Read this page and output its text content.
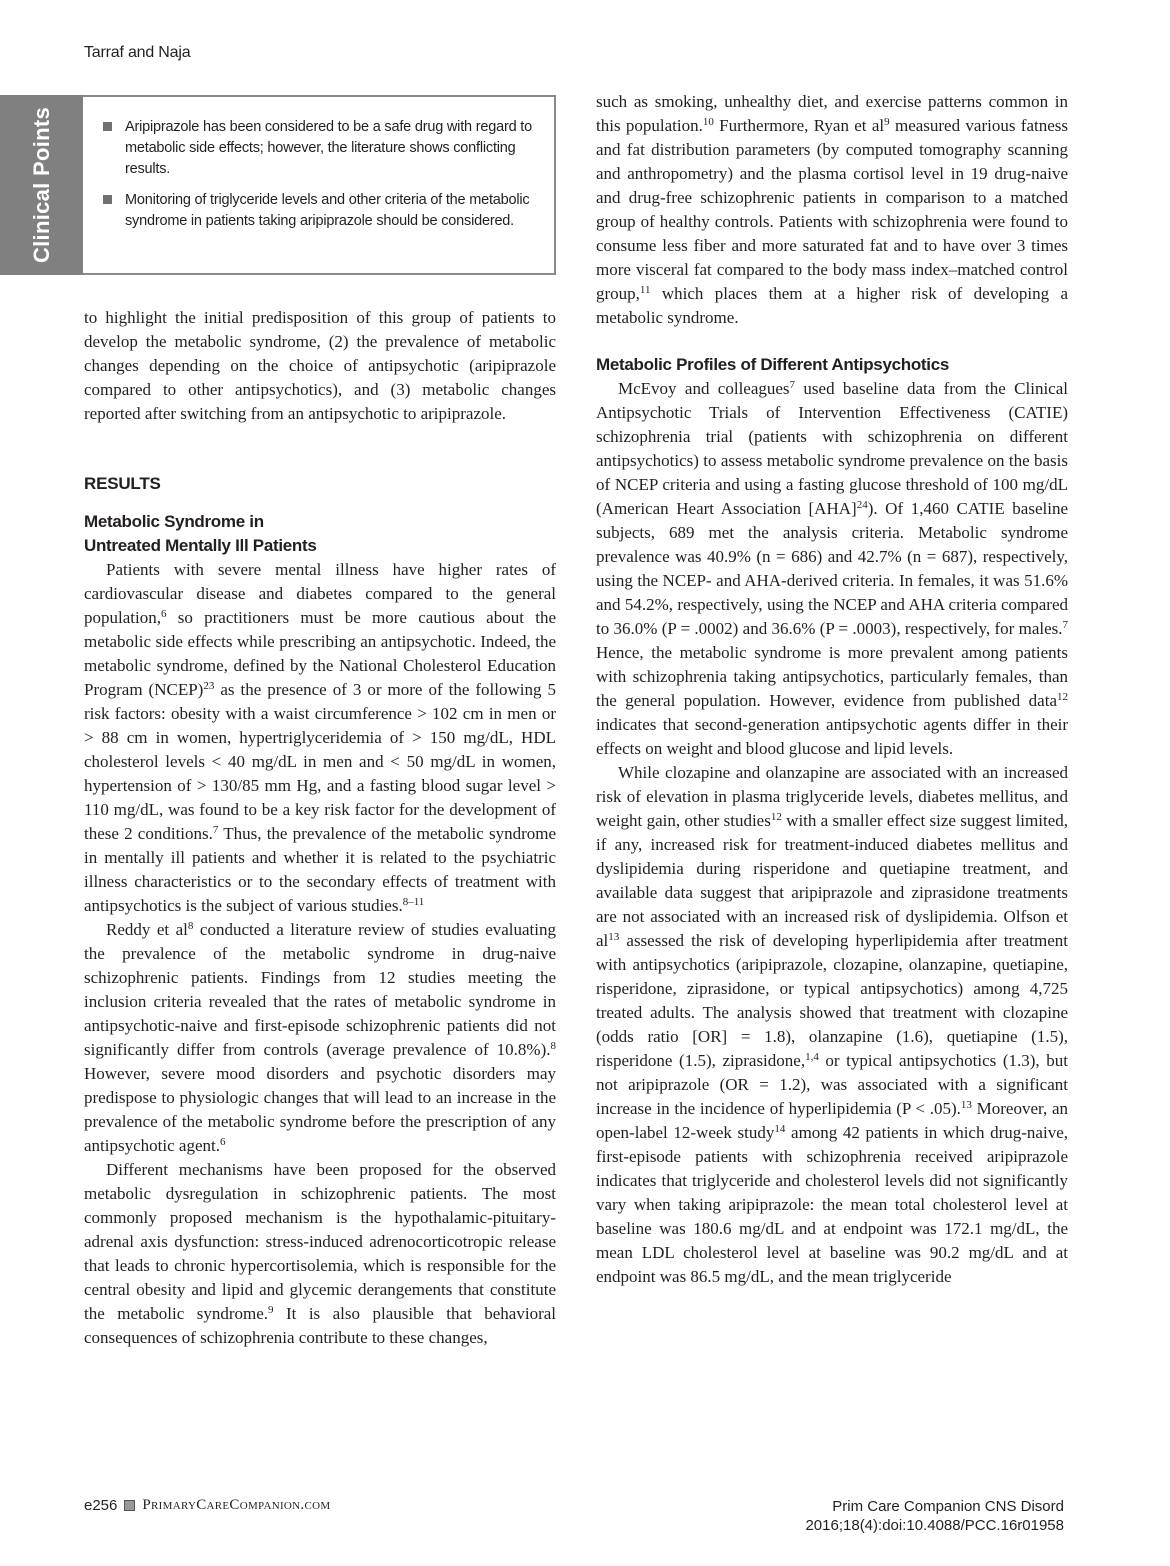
Tarraf and Naja
Clinical Points	Aripiprazole has been considered to be a safe drug with regard to metabolic side effects; however, the literature shows conflicting results.
Monitoring of triglyceride levels and other criteria of the metabolic syndrome in patients taking aripiprazole should be considered.

to highlight the initial predisposition of this group of patients to develop the metabolic syndrome, (2) the prevalence of metabolic changes depending on the choice of antipsychotic (aripiprazole compared to other antipsychotics), and (3) metabolic changes reported after switching from an antipsychotic to aripiprazole.

RESULTS
Metabolic Syndrome in
Untreated Mentally Ill Patients

Patients with severe mental illness have higher rates of cardiovascular disease and diabetes compared to the general population,$^6$ so practitioners must be more cautious about the metabolic side effects while prescribing an antipsychotic. Indeed, the metabolic syndrome, defined by the National Cholesterol Education Program (NCEP)$^{23}$ as the presence of 3 or more of the following 5 risk factors: obesity with a waist circumference > 102 cm in men or > 88 cm in women, hypertriglyceridemia of > 150 mg/dL, HDL cholesterol levels < 40 mg/dL in men and < 50 mg/dL in women, hypertension of > 130/85 mm Hg, and a fasting blood sugar level > 110 mg/dL, was found to be a key risk factor for the development of these 2 conditions.$^7$ Thus, the prevalence of the metabolic syndrome in mentally ill patients and whether it is related to the psychiatric illness characteristics or to the secondary effects of treatment with antipsychotics is the subject of various studies.$^{8-11}$

Reddy et $al^8$ conducted a literature review of studies evaluating the prevalence of the metabolic syndrome in drug-naive schizophrenic patients. Findings from 12 studies meeting the inclusion criteria revealed that the rates of metabolic syndrome in antipsychotic-naive and first-episode schizophrenic patients did not significantly differ from controls (average prevalence of 10.8%).$^8$ However, severe mood disorders and psychotic disorders may predispose to physiologic changes that will lead to an increase in the prevalence of the metabolic syndrome before the prescription of any antipsychotic agent.$^6$

Different mechanisms have been proposed for the observed metabolic dysregulation in schizophrenic patients. The most commonly proposed mechanism is the hypothalamic-pituitary-adrenal axis dysfunction: stress-induced adrenocorticotropic release that leads to chronic hypercortisolemia, which is responsible for the central obesity and lipid and glycemic derangements that constitute the metabolic syndrome.$^9$ It is also plausible that behavioral consequences of schizophrenia contribute to these changes,

such as smoking, unhealthy diet, and exercise patterns common in this population.$^{10}$ Furthermore, Ryan et $al^9$ measured various fatness and fat distribution parameters (by computed tomography scanning and anthropometry) and the plasma cortisol level in 19 drug-naive and drug-free schizophrenic patients in comparison to a matched group of healthy controls. Patients with schizophrenia were found to consume less fiber and more saturated fat and to have over 3 times more visceral fat compared to the body mass index–matched control group,$^{11}$ which places them at a higher risk of developing a metabolic syndrome.

Metabolic Profiles of Different Antipsychotics

McEvoy and colleagues$^7$ used baseline data from the Clinical Antipsychotic Trials of Intervention Effectiveness (CATIE) schizophrenia trial (patients with schizophrenia on different antipsychotics) to assess metabolic syndrome prevalence on the basis of NCEP criteria and using a fasting glucose threshold of 100 mg/dL (American Heart Association [AHA]$^{24}$). Of 1,460 CATIE baseline subjects, 689 met the analysis criteria. Metabolic syndrome prevalence was 40.9% (n = 686) and 42.7% (n = 687), respectively, using the NCEP- and AHA-derived criteria. In females, it was 51.6% and 54.2%, respectively, using the NCEP and AHA criteria compared to 36.0% (P = .0002) and 36.6% (P = .0003), respectively, for males.$^7$ Hence, the metabolic syndrome is more prevalent among patients with schizophrenia taking antipsychotics, particularly females, than the general population. However, evidence from published data$^{12}$ indicates that second-generation antipsychotic agents differ in their effects on weight and blood glucose and lipid levels.

While clozapine and olanzapine are associated with an increased risk of elevation in plasma triglyceride levels, diabetes mellitus, and weight gain, other studies$^{12}$ with a smaller effect size suggest limited, if any, increased risk for treatment-induced diabetes mellitus and dyslipidemia during risperidone and quetiapine treatment, and available data suggest that aripiprazole and ziprasidone treatments are not associated with an increased risk of dyslipidemia. Olfson et $al^{13}$ assessed the risk of developing hyperlipidemia after treatment with antipsychotics (aripiprazole, clozapine, olanzapine, quetiapine, risperidone, ziprasidone, or typical antipsychotics) among 4,725 treated adults. The analysis showed that treatment with clozapine (odds ratio [OR] = 1.8), olanzapine (1.6), quetiapine (1.5), risperidone (1.5), ziprasidone,$^{1,4}$ or typical antipsychotics (1.3), but not aripiprazole (OR = 1.2), was associated with a significant increase in the incidence of hyperlipidemia (P < .05).$^{13}$ Moreover, an open-label 12-week study$^{14}$ among 42 patients in which drug-naive, first-episode patients with schizophrenia received aripiprazole indicates that triglyceride and cholesterol levels did not significantly vary when taking aripiprazole: the mean total cholesterol level at baseline was 180.6 mg/dL and at endpoint was 172.1 mg/dL, the mean LDL cholesterol level at baseline was 90.2 mg/dL and at endpoint was 86.5 mg/dL, and the mean triglyceride

e256 PrimaryCareCompanion.com	Prim Care Companion CNS Disord
2016;18(4):doi:10.4088/PCC.16r01958
